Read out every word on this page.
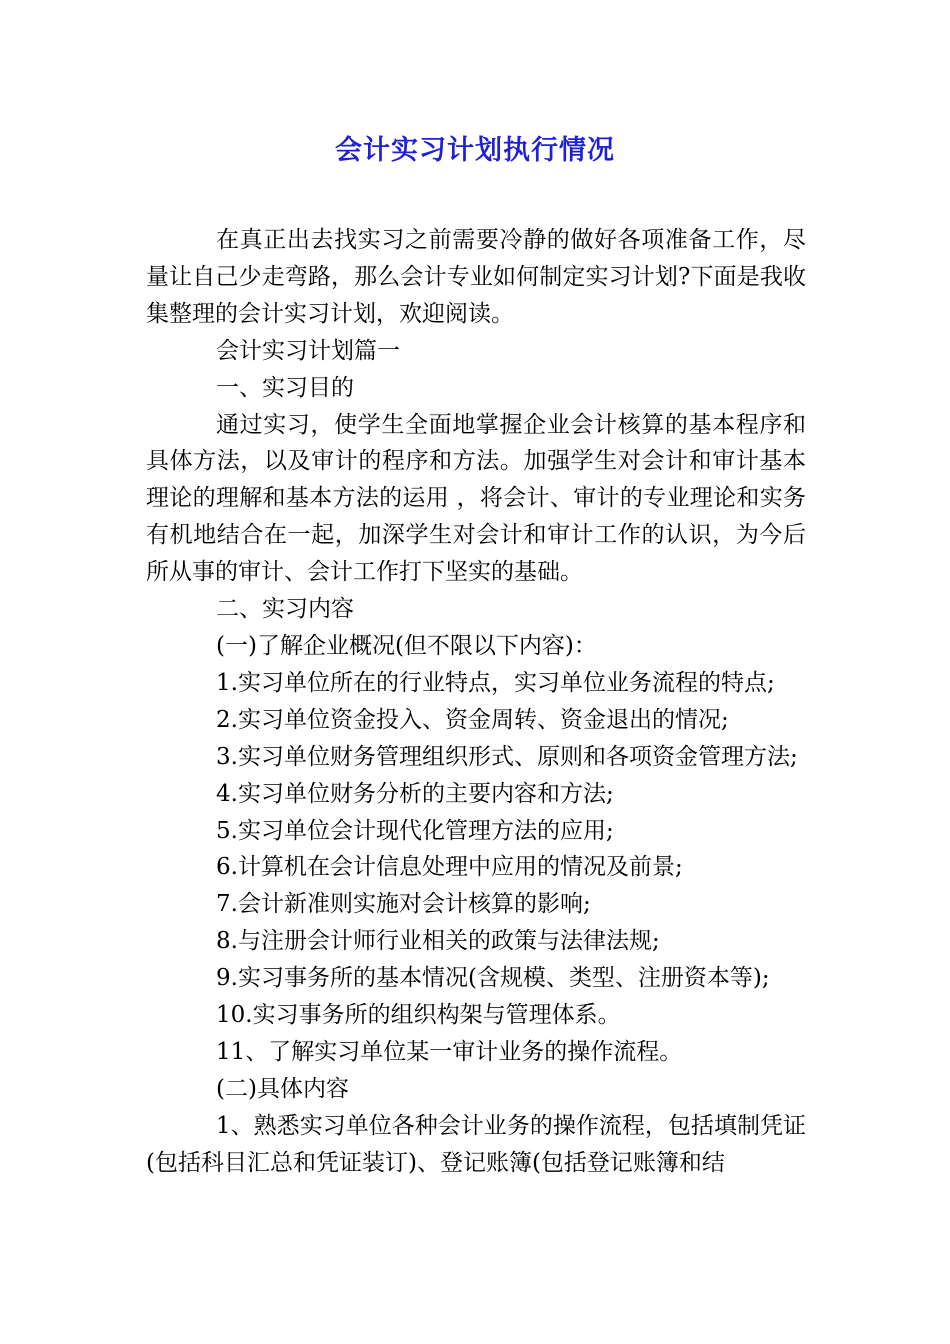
会计实习计划执行情况

在真正出去找实习之前需要冷静的做好各项准备工作，尽量让自己少走弯路，那么会计专业如何制定实习计划?下面是我收集整理的会计实习计划，欢迎阅读。

会计实习计划篇一

一、实习目的

通过实习，使学生全面地掌握企业会计核算的基本程序和具体方法，以及审计的程序和方法。加强学生对会计和审计基本理论的理解和基本方法的运用 ，将会计、审计的专业理论和实务有机地结合在一起，加深学生对会计和审计工作的认识，为今后所从事的审计、会计工作打下坚实的基础。

二、实习内容

(一)了解企业概况(但不限以下内容)：

1.实习单位所在的行业特点，实习单位业务流程的特点;

2.实习单位资金投入、资金周转、资金退出的情况;

3.实习单位财务管理组织形式、原则和各项资金管理方法;

4.实习单位财务分析的主要内容和方法;

5.实习单位会计现代化管理方法的应用;

6.计算机在会计信息处理中应用的情况及前景;

7.会计新准则实施对会计核算的影响;

8.与注册会计师行业相关的政策与法律法规;

9.实习事务所的基本情况(含规模、类型、注册资本等);

10.实习事务所的组织构架与管理体系。

11、了解实习单位某一审计业务的操作流程。

(二)具体内容

1、熟悉实习单位各种会计业务的操作流程，包括填制凭证(包括科目汇总和凭证装订)、登记账簿(包括登记账簿和结
